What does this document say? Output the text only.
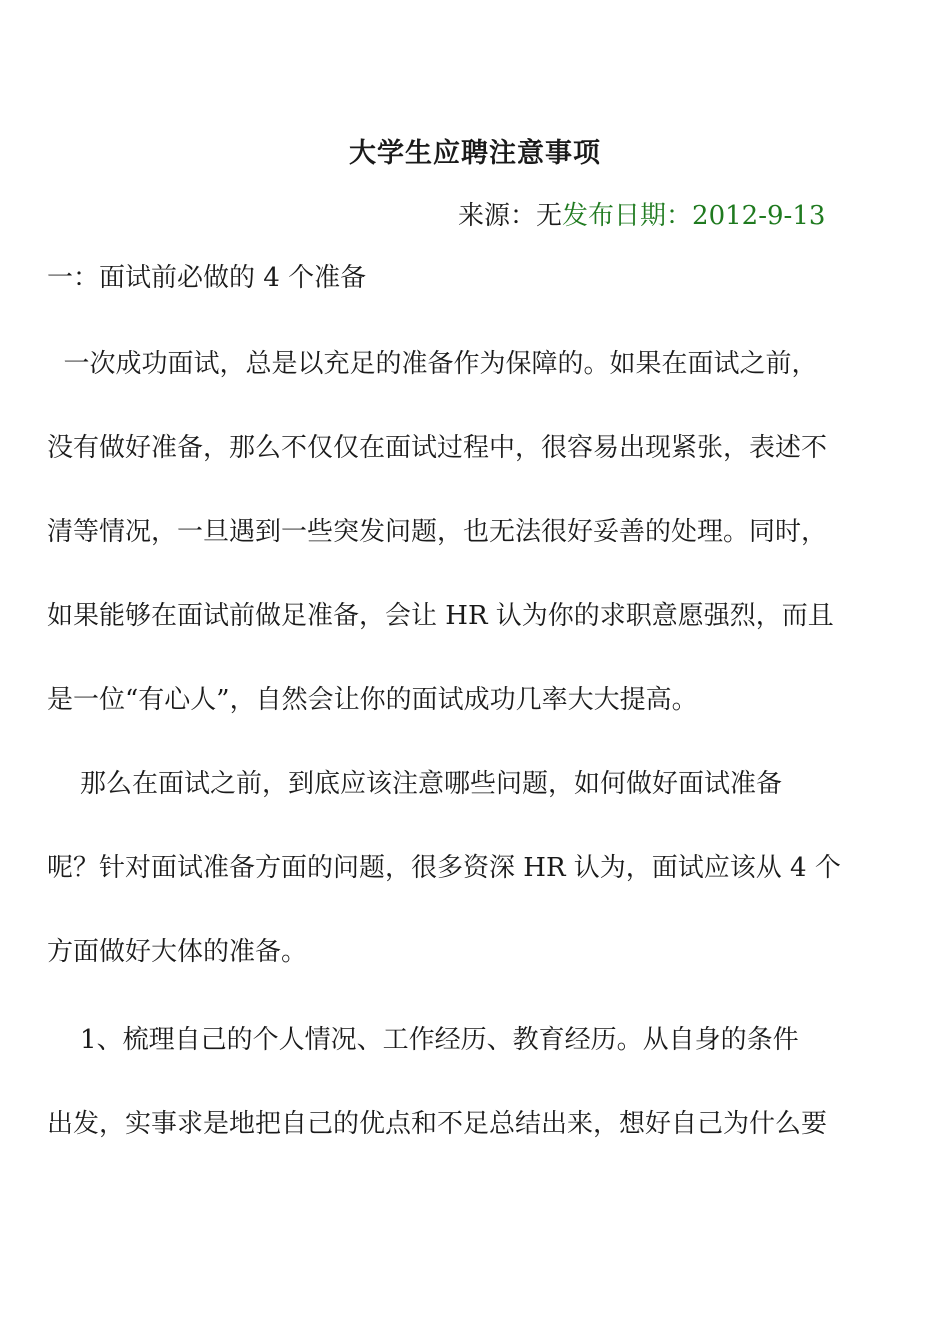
大学生应聘注意事项
来源：无发布日期：2012-9-13
一：面试前必做的 4 个准备
一次成功面试，总是以充足的准备作为保障的。如果在面试之前，
没有做好准备，那么不仅仅在面试过程中，很容易出现紧张，表述不
清等情况，一旦遇到一些突发问题，也无法很好妥善的处理。同时，
如果能够在面试前做足准备，会让 HR 认为你的求职意愿强烈，而且
是一位“有心人”，自然会让你的面试成功几率大大提高。
那么在面试之前，到底应该注意哪些问题，如何做好面试准备
呢？针对面试准备方面的问题，很多资深 HR 认为，面试应该从 4 个
方面做好大体的准备。
1、梳理自己的个人情况、工作经历、教育经历。从自身的条件
出发，实事求是地把自己的优点和不足总结出来，想好自己为什么要
